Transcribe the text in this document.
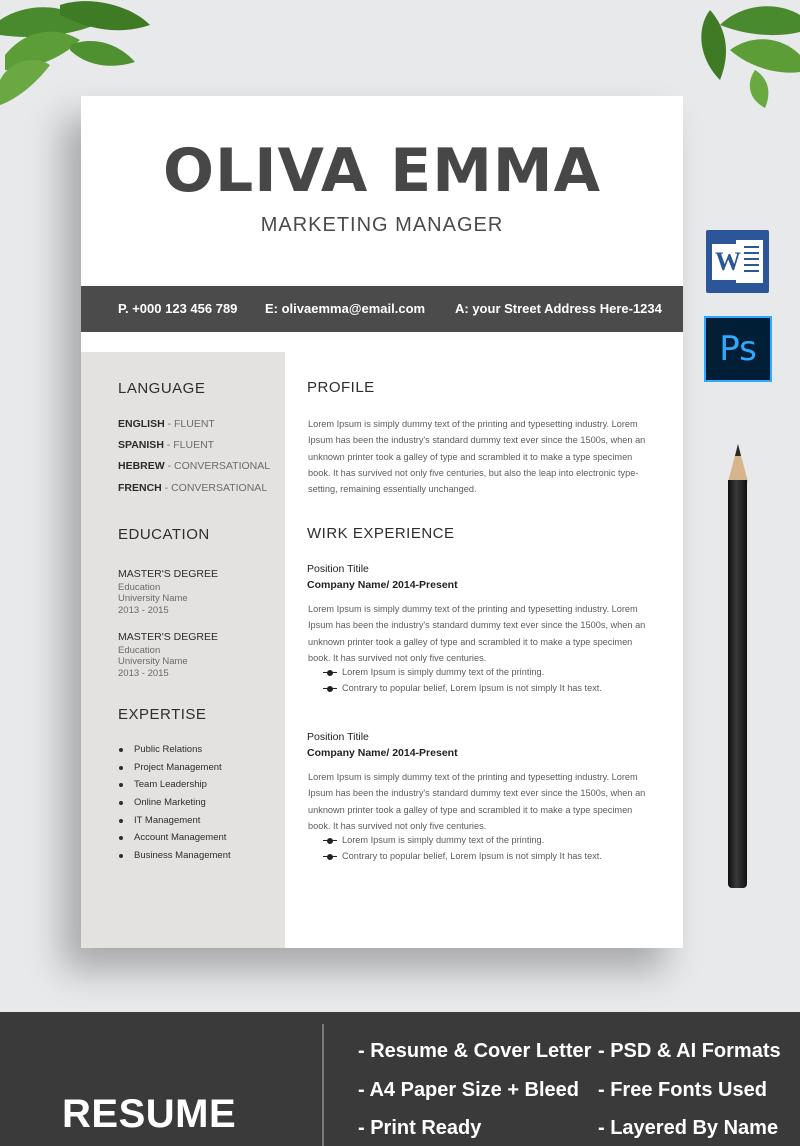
OLIVA EMMA
MARKETING MANAGER
P. +000 123 456 789 E: olivaemma@email.com A: your Street Address Here-1234
LANGUAGE
ENGLISH - FLUENT
SPANISH - FLUENT
HEBREW - CONVERSATIONAL
FRENCH - CONVERSATIONAL
EDUCATION
MASTER'S DEGREE
Education
University Name
2013 - 2015
MASTER'S DEGREE
Education
University Name
2013 - 2015
EXPERTISE
Public Relations
Project Management
Team Leadership
Online Marketing
IT Management
Account Management
Business Management
PROFILE

Lorem Ipsum is simply dummy text of the printing and typesetting industry. Lorem Ipsum has been the industry's standard dummy text ever since the 1500s, when an unknown printer took a galley of type and scrambled it to make a type specimen book. It has survived not only five centuries, but also the leap into electronic type-setting, remaining essentially unchanged.

WIRK EXPERIENCE
Position Titile
Company Name/ 2014-Present

Lorem Ipsum is simply dummy text of the printing and typesetting industry. Lorem Ipsum has been the industry's standard dummy text ever since the 1500s, when an unknown printer took a galley of type and scrambled it to make a type specimen book. It has survived not only five centuries.

Lorem Ipsum is simply dummy text of the printing.
Contrary to popular belief, Lorem Ipsum is not simply It has text.
Position Titile
Company Name/ 2014-Present

Lorem Ipsum is simply dummy text of the printing and typesetting industry. Lorem Ipsum has been the industry's standard dummy text ever since the 1500s, when an unknown printer took a galley of type and scrambled it to make a type specimen book. It has survived not only five centuries.

Lorem Ipsum is simply dummy text of the printing.
Contrary to popular belief, Lorem Ipsum is not simply It has text.
W
Ps
RESUME
- Resume & Cover Letter
- A4 Paper Size + Bleed
- Print Ready
- PSD & AI Formats
- Free Fonts Used
- Layered By Name
